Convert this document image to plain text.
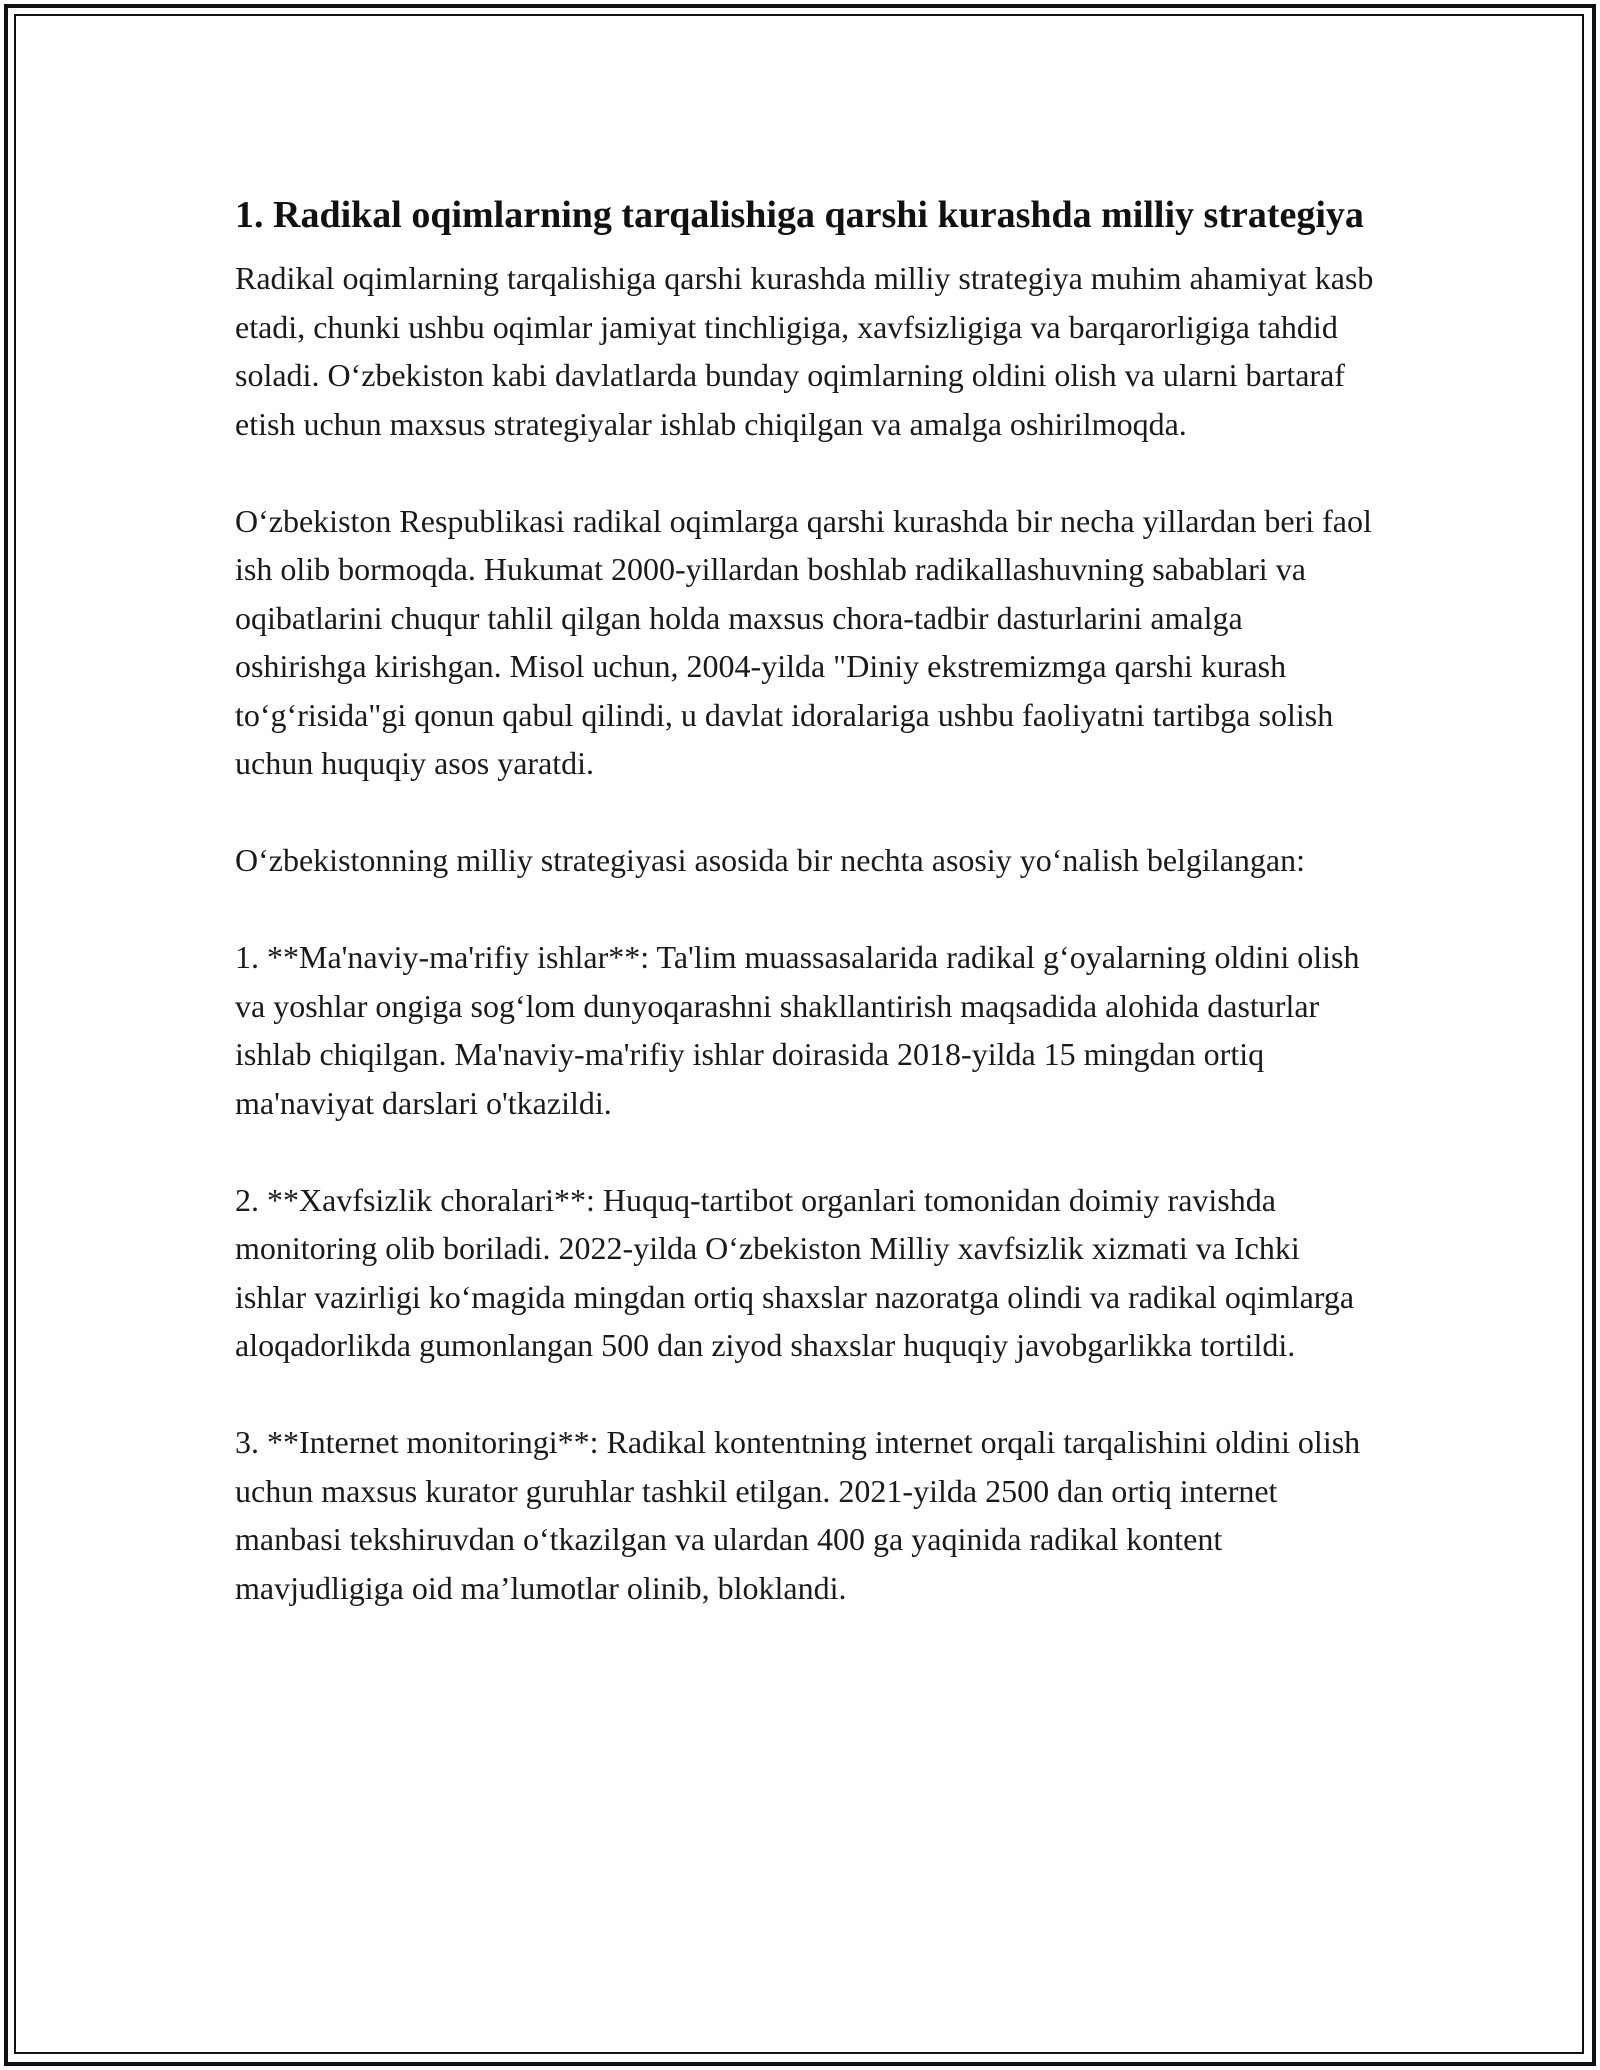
1. Radikal oqimlarning tarqalishiga qarshi kurashda milliy strategiya

Radikal oqimlarning tarqalishiga qarshi kurashda milliy strategiya muhim ahamiyat kasb etadi, chunki ushbu oqimlar jamiyat tinchligiga, xavfsizligiga va barqarorligiga tahdid soladi. O‘zbekiston kabi davlatlarda bunday oqimlarning oldini olish va ularni bartaraf etish uchun maxsus strategiyalar ishlab chiqilgan va amalga oshirilmoqda.

O‘zbekiston Respublikasi radikal oqimlarga qarshi kurashda bir necha yillardan beri faol ish olib bormoqda. Hukumat 2000-yillardan boshlab radikallashuvning sabablari va oqibatlarini chuqur tahlil qilgan holda maxsus chora-tadbir dasturlarini amalga oshirishga kirishgan. Misol uchun, 2004-yilda "Diniy ekstremizmga qarshi kurash to‘g‘risida"gi qonun qabul qilindi, u davlat idoralariga ushbu faoliyatni tartibga solish uchun huquqiy asos yaratdi.

O‘zbekistonning milliy strategiyasi asosida bir nechta asosiy yo‘nalish belgilangan:

1. **Ma'naviy-ma'rifiy ishlar**: Ta'lim muassasalarida radikal g‘oyalarning oldini olish va yoshlar ongiga sog‘lom dunyoqarashni shakllantirish maqsadida alohida dasturlar ishlab chiqilgan. Ma'naviy-ma'rifiy ishlar doirasida 2018-yilda 15 mingdan ortiq ma'naviyat darslari o'tkazildi.

2. **Xavfsizlik choralari**: Huquq-tartibot organlari tomonidan doimiy ravishda monitoring olib boriladi. 2022-yilda O‘zbekiston Milliy xavfsizlik xizmati va Ichki ishlar vazirligi ko‘magida mingdan ortiq shaxslar nazoratga olindi va radikal oqimlarga aloqadorlikda gumonlangan 500 dan ziyod shaxslar huquqiy javobgarlikka tortildi.

3. **Internet monitoringi**: Radikal kontentning internet orqali tarqalishini oldini olish uchun maxsus kurator guruhlar tashkil etilgan. 2021-yilda 2500 dan ortiq internet manbasi tekshiruvdan o‘tkazilgan va ulardan 400 ga yaqinida radikal kontent mavjudligiga oid ma’lumotlar olinib, bloklandi.
